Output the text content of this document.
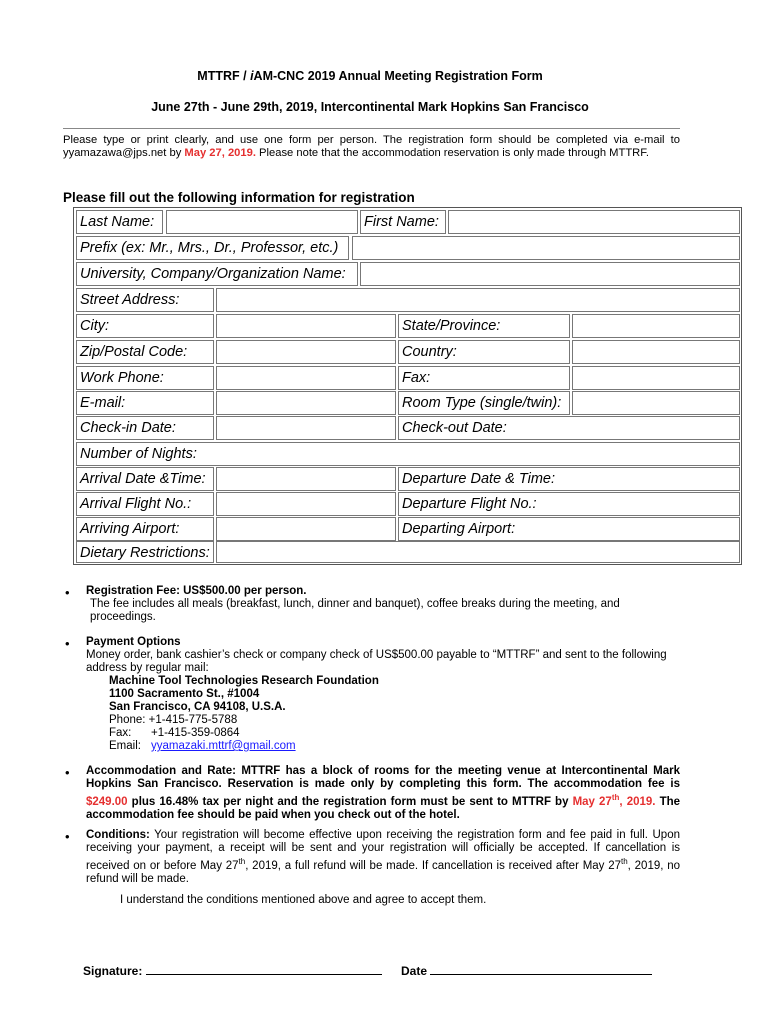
MTTRF / iAM-CNC 2019 Annual Meeting Registration Form
June 27th - June 29th, 2019, Intercontinental Mark Hopkins San Francisco
Please type or print clearly, and use one form per person. The registration form should be completed via e-mail to yyamazawa@jps.net by May 27, 2019. Please note that the accommodation reservation is only made through MTTRF.
Please fill out the following information for registration
Last Name:	First Name:
Prefix (ex: Mr., Mrs., Dr., Professor, etc.)
University, Company/Organization Name:
Street Address:
City:	State/Province:
Zip/Postal Code:	Country:
Work Phone:	Fax:
E-mail:	Room Type (single/twin):
Check-in Date:	Check-out Date:
Number of Nights:
Arrival Date &Time:	Departure Date & Time:
Arrival Flight No.:	Departure Flight No.:
Arriving Airport:	Departing Airport:
Dietary Restrictions:
• Registration Fee: US$500.00 per person.
The fee includes all meals (breakfast, lunch, dinner and banquet), coffee breaks during the meeting, and proceedings.
• Payment Options
Money order, bank cashier’s check or company check of US$500.00 payable to “MTTRF” and sent to the following address by regular mail:
Machine Tool Technologies Research Foundation
1100 Sacramento St., #1004
San Francisco, CA 94108, U.S.A.
Phone: +1-415-775-5788
Fax: +1-415-359-0864
Email: yyamazaki.mttrf@gmail.com
• Accommodation and Rate: MTTRF has a block of rooms for the meeting venue at Intercontinental Mark Hopkins San Francisco. Reservation is made only by completing this form. The accommodation fee is $249.00 plus 16.48% tax per night and the registration form must be sent to MTTRF by May 27th, 2019. The accommodation fee should be paid when you check out of the hotel.
• Conditions: Your registration will become effective upon receiving the registration form and fee paid in full. Upon receiving your payment, a receipt will be sent and your registration will officially be accepted. If cancellation is received on or before May 27th, 2019, a full refund will be made. If cancellation is received after May 27th, 2019, no refund will be made.
I understand the conditions mentioned above and agree to accept them.
Signature:	Date
